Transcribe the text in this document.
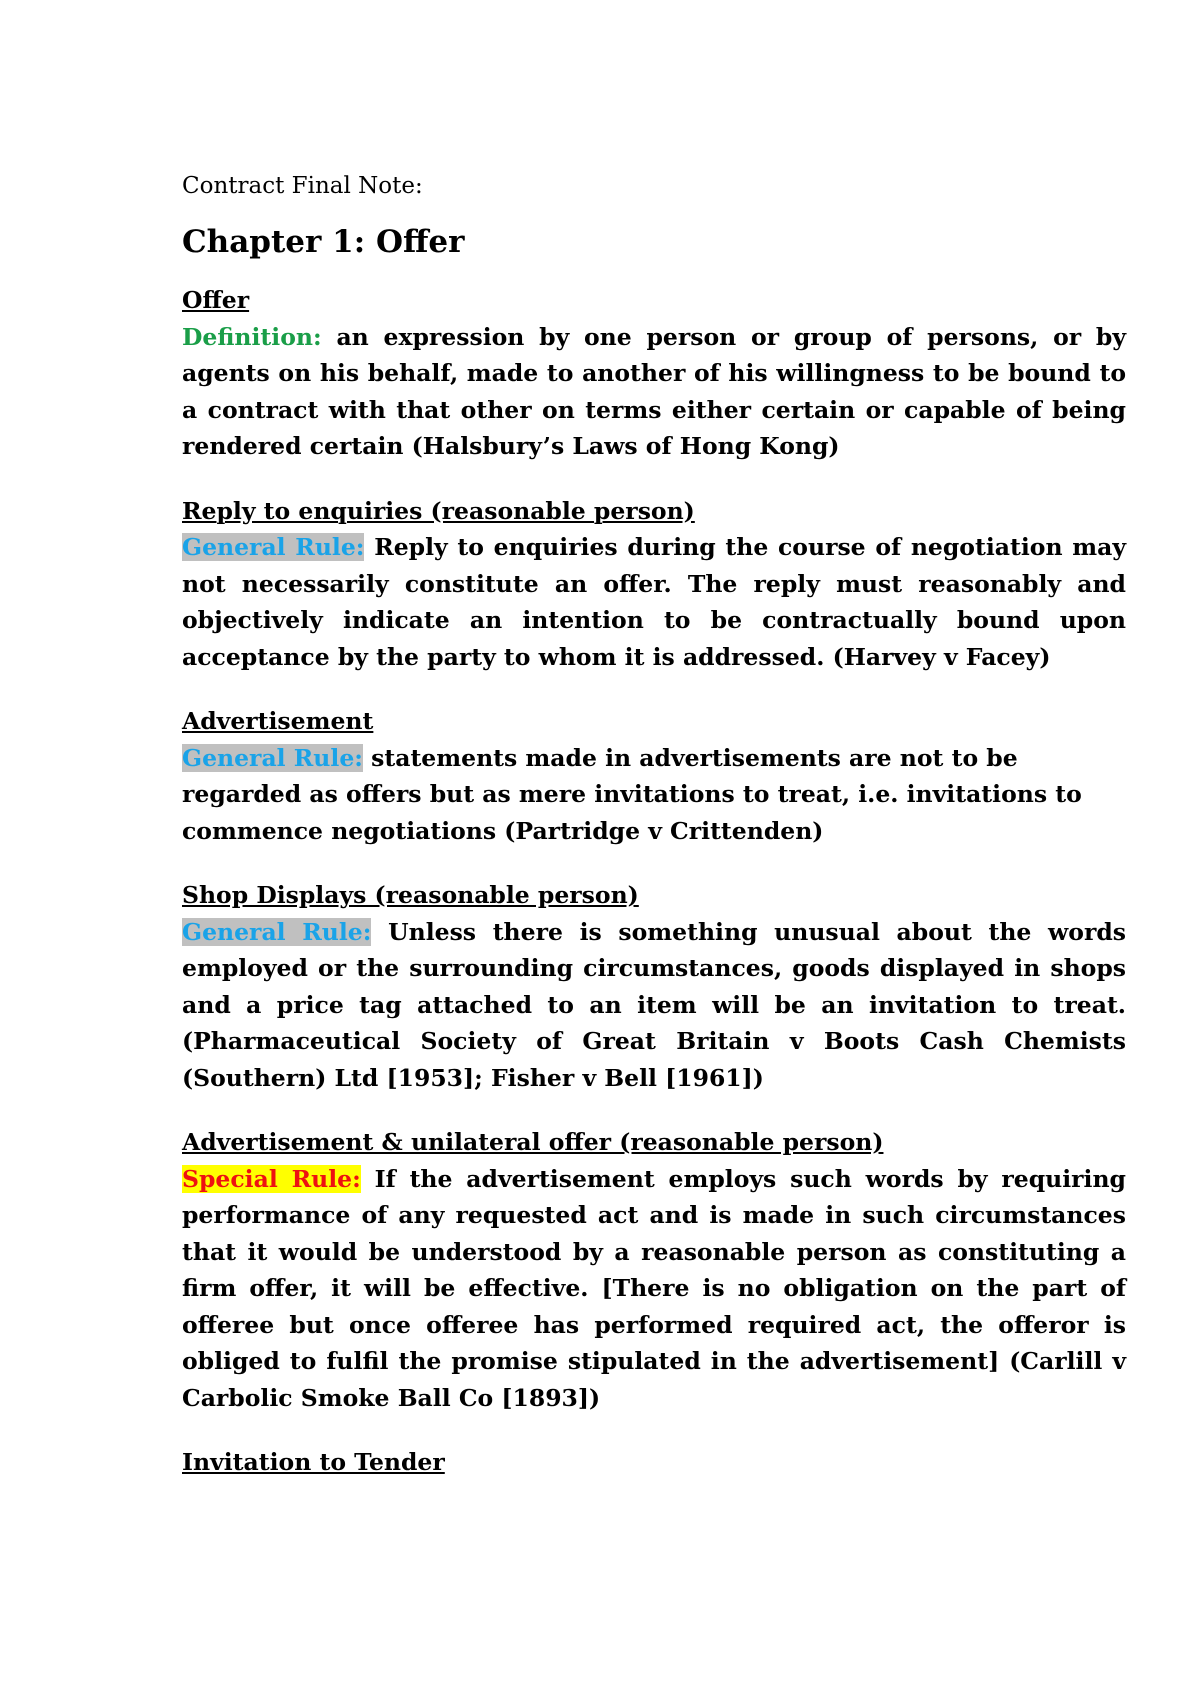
Contract Final Note:

Chapter 1: Offer
Offer

Definition: an expression by one person or group of persons, or by agents on his behalf, made to another of his willingness to be bound to a contract with that other on terms either certain or capable of being rendered certain (Halsbury’s Laws of Hong Kong)

Reply to enquiries (reasonable person)

General Rule: Reply to enquiries during the course of negotiation may not necessarily constitute an offer. The reply must reasonably and objectively indicate an intention to be contractually bound upon acceptance by the party to whom it is addressed. (Harvey v Facey)

Advertisement

General Rule: statements made in advertisements are not to be regarded as offers but as mere invitations to treat, i.e. invitations to commence negotiations (Partridge v Crittenden)

Shop Displays (reasonable person)

General Rule: Unless there is something unusual about the words employed or the surrounding circumstances, goods displayed in shops and a price tag attached to an item will be an invitation to treat. (Pharmaceutical Society of Great Britain v Boots Cash Chemists (Southern) Ltd [1953]; Fisher v Bell [1961])

Advertisement & unilateral offer (reasonable person)

Special Rule: If the advertisement employs such words by requiring performance of any requested act and is made in such circumstances that it would be understood by a reasonable person as constituting a firm offer, it will be effective. [There is no obligation on the part of offeree but once offeree has performed required act, the offeror is obliged to fulfil the promise stipulated in the advertisement] (Carlill v Carbolic Smoke Ball Co [1893])

Invitation to Tender
